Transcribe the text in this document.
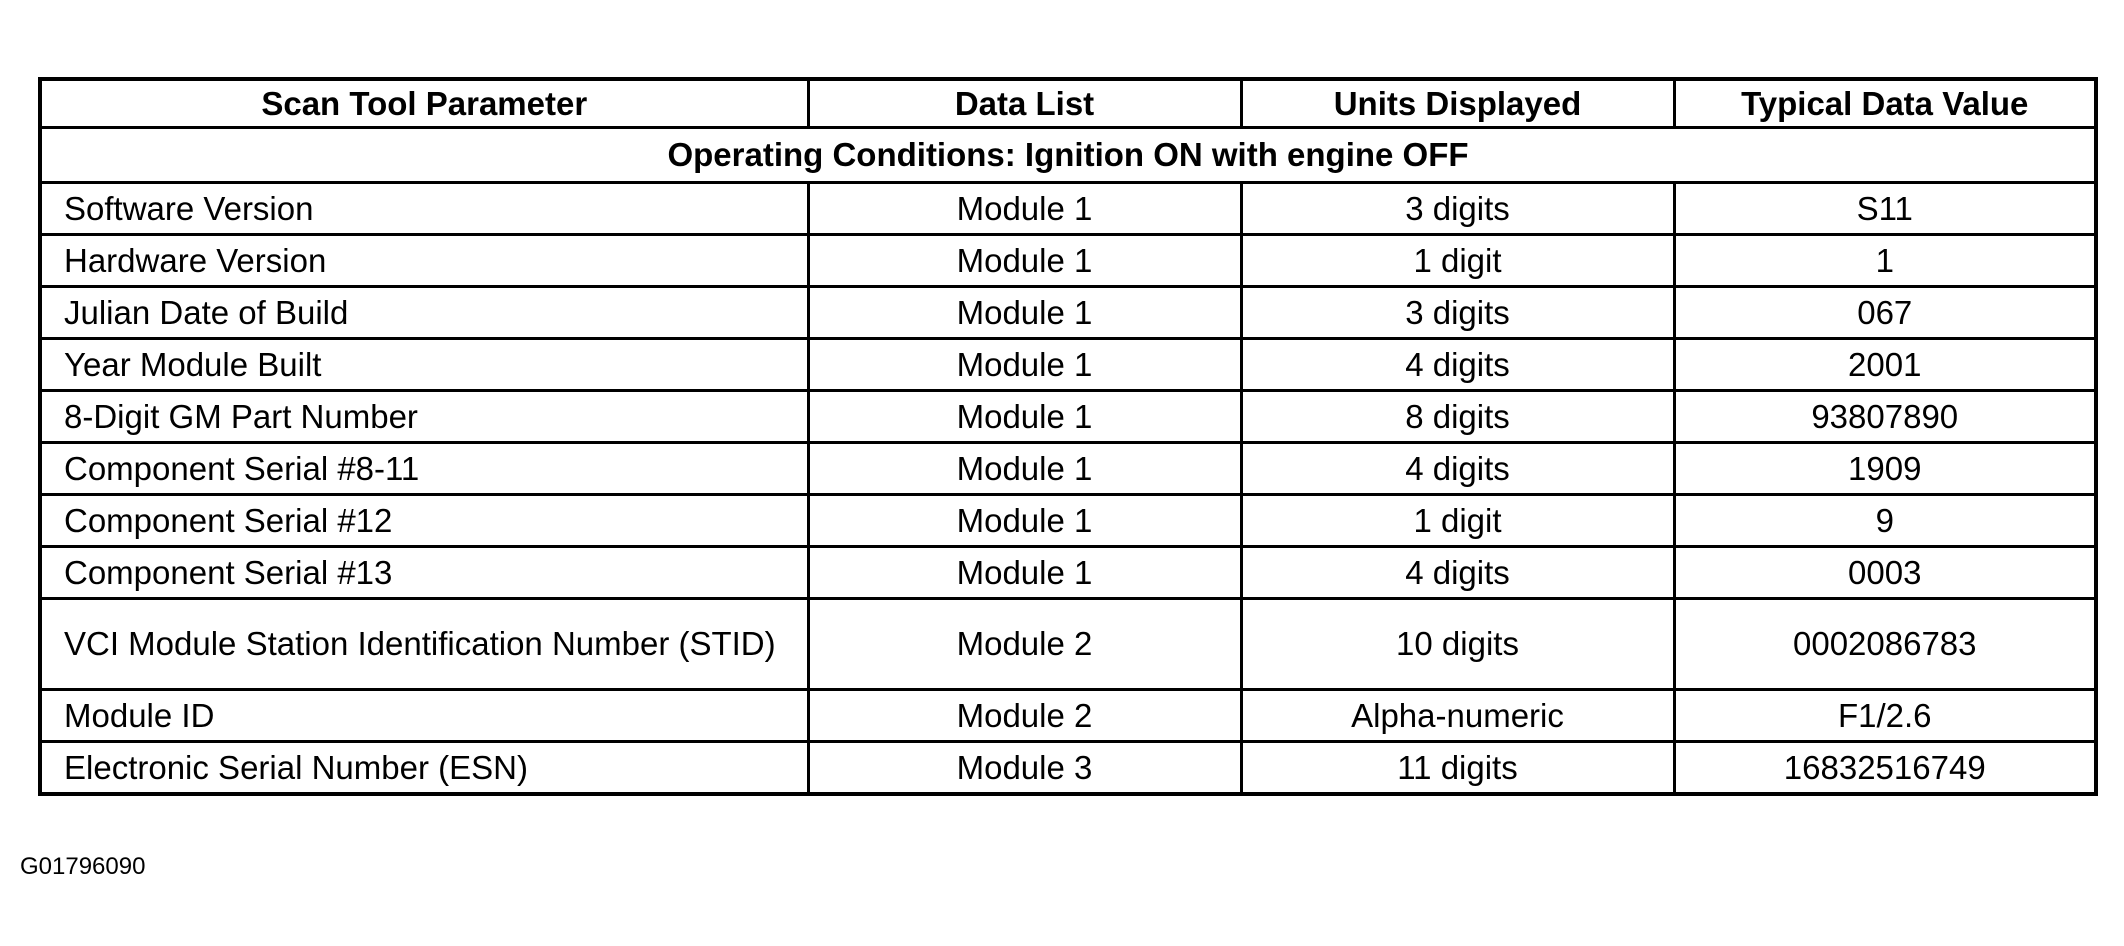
Scan Tool Parameter	Data List	Units Displayed	Typical Data Value
Operating Conditions: Ignition ON with engine OFF			
Software Version	Module 1	3 digits	S11
Hardware Version	Module 1	1 digit	1
Julian Date of Build	Module 1	3 digits	067
Year Module Built	Module 1	4 digits	2001
8-Digit GM Part Number	Module 1	8 digits	93807890
Component Serial #8-11	Module 1	4 digits	1909
Component Serial #12	Module 1	1 digit	9
Component Serial #13	Module 1	4 digits	0003
VCI Module Station Identification Number (STID)	Module 2	10 digits	0002086783
Module ID	Module 2	Alpha-numeric	F1/2.6
Electronic Serial Number (ESN)	Module 3	11 digits	16832516749
G01796090
